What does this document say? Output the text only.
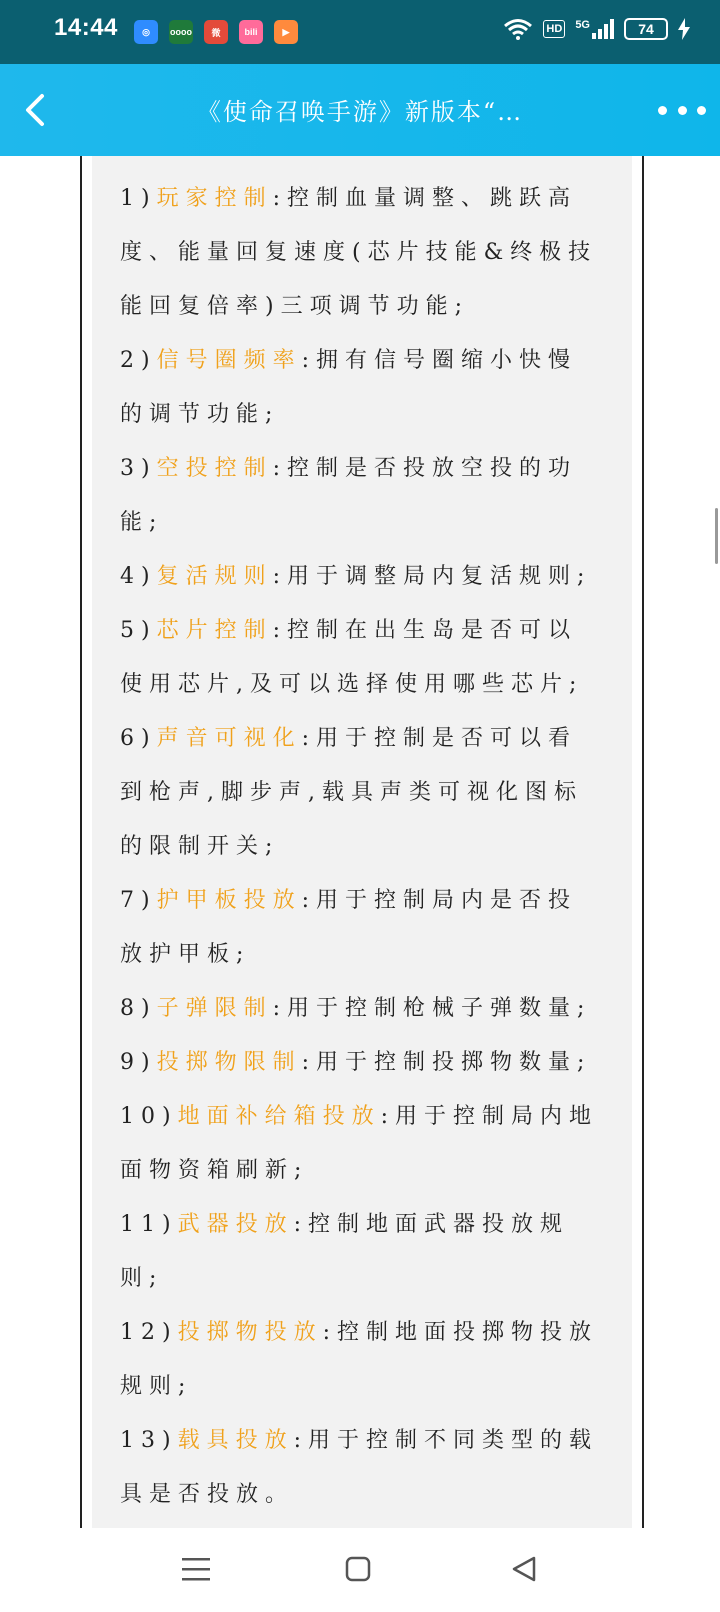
14:44	◎	oooo	微	bili	▶	HD 5G	74
《使命召唤手游》新版本“…

1)玩家控制:控制血量调整、跳跃高度、能量回复速度(芯片技能&终极技能回复倍率)三项调节功能;

2)信号圈频率:拥有信号圈缩小快慢的调节功能;

3)空投控制:控制是否投放空投的功能;

4)复活规则:用于调整局内复活规则;

5)芯片控制:控制在出生岛是否可以使用芯片,及可以选择使用哪些芯片;

6)声音可视化:用于控制是否可以看到枪声,脚步声,载具声类可视化图标的限制开关;

7)护甲板投放:用于控制局内是否投放护甲板;

8)子弹限制:用于控制枪械子弹数量;

9)投掷物限制:用于控制投掷物数量;

10)地面补给箱投放:用于控制局内地面物资箱刷新;

11)武器投放:控制地面武器投放规则;

12)投掷物投放:控制地面投掷物投放规则;

13)载具投放:用于控制不同类型的载具是否投放。
